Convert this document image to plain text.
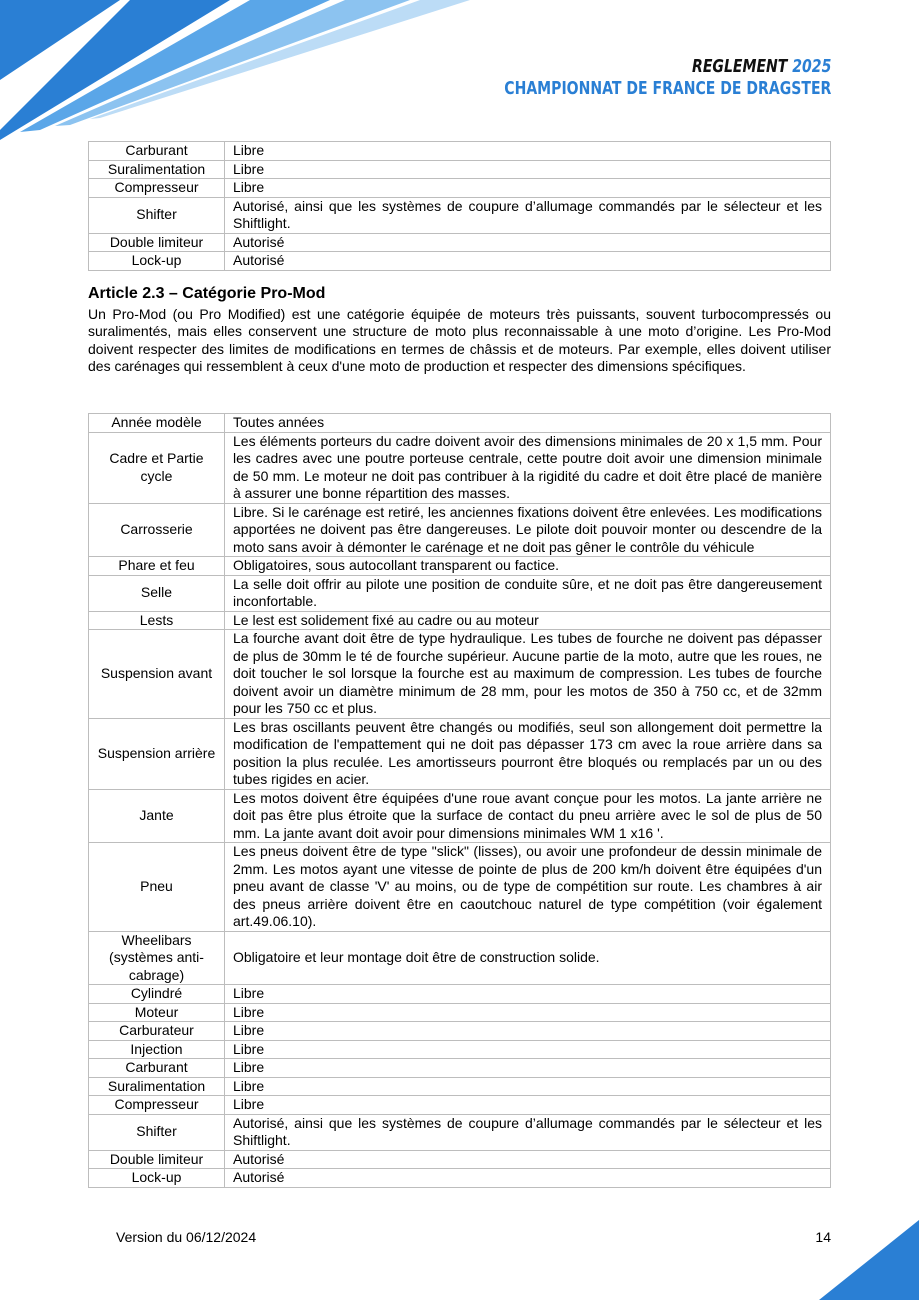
REGLEMENT 2025
CHAMPIONNAT DE FRANCE DE DRAGSTER
Carburant	Libre
Suralimentation	Libre
Compresseur	Libre
Shifter	Autorisé, ainsi que les systèmes de coupure d’allumage commandés par le sélecteur et les Shiftlight.
Double limiteur	Autorisé
Lock-up	Autorisé
Article 2.3 – Catégorie Pro-Mod

Un Pro-Mod (ou Pro Modified) est une catégorie équipée de moteurs très puissants, souvent turbocompressés ou suralimentés, mais elles conservent une structure de moto plus reconnaissable à une moto d’origine. Les Pro-Mod doivent respecter des limites de modifications en termes de châssis et de moteurs. Par exemple, elles doivent utiliser des carénages qui ressemblent à ceux d'une moto de production et respecter des dimensions spécifiques.

Année modèle	Toutes années
Cadre et Partie cycle	Les éléments porteurs du cadre doivent avoir des dimensions minimales de 20 x 1,5 mm. Pour les cadres avec une poutre porteuse centrale, cette poutre doit avoir une dimension minimale de 50 mm. Le moteur ne doit pas contribuer à la rigidité du cadre et doit être placé de manière à assurer une bonne répartition des masses.
Carrosserie	Libre. Si le carénage est retiré, les anciennes fixations doivent être enlevées. Les modifications apportées ne doivent pas être dangereuses. Le pilote doit pouvoir monter ou descendre de la moto sans avoir à démonter le carénage et ne doit pas gêner le contrôle du véhicule
Phare et feu	Obligatoires, sous autocollant transparent ou factice.
Selle	La selle doit offrir au pilote une position de conduite sûre, et ne doit pas être dangereusement inconfortable.
Lests	Le lest est solidement fixé au cadre ou au moteur
Suspension avant	La fourche avant doit être de type hydraulique. Les tubes de fourche ne doivent pas dépasser de plus de 30mm le té de fourche supérieur. Aucune partie de la moto, autre que les roues, ne doit toucher le sol lorsque la fourche est au maximum de compression. Les tubes de fourche doivent avoir un diamètre minimum de 28 mm, pour les motos de 350 à 750 cc, et de 32mm pour les 750 cc et plus.
Suspension arrière	Les bras oscillants peuvent être changés ou modifiés, seul son allongement doit permettre la modification de l'empattement qui ne doit pas dépasser 173 cm avec la roue arrière dans sa position la plus reculée. Les amortisseurs pourront être bloqués ou remplacés par un ou des tubes rigides en acier.
Jante	Les motos doivent être équipées d'une roue avant conçue pour les motos. La jante arrière ne doit pas être plus étroite que la surface de contact du pneu arrière avec le sol de plus de 50 mm. La jante avant doit avoir pour dimensions minimales WM 1 x16 '.
Pneu	Les pneus doivent être de type "slick" (lisses), ou avoir une profondeur de dessin minimale de 2mm. Les motos ayant une vitesse de pointe de plus de 200 km/h doivent être équipées d'un pneu avant de classe 'V' au moins, ou de type de compétition sur route. Les chambres à air des pneus arrière doivent être en caoutchouc naturel de type compétition (voir également art.49.06.10).
Wheelibars (systèmes anti-cabrage)	Obligatoire et leur montage doit être de construction solide.
Cylindré	Libre
Moteur	Libre
Carburateur	Libre
Injection	Libre
Carburant	Libre
Suralimentation	Libre
Compresseur	Libre
Shifter	Autorisé, ainsi que les systèmes de coupure d’allumage commandés par le sélecteur et les Shiftlight.
Double limiteur	Autorisé
Lock-up	Autorisé
Version du 06/12/2024	14
